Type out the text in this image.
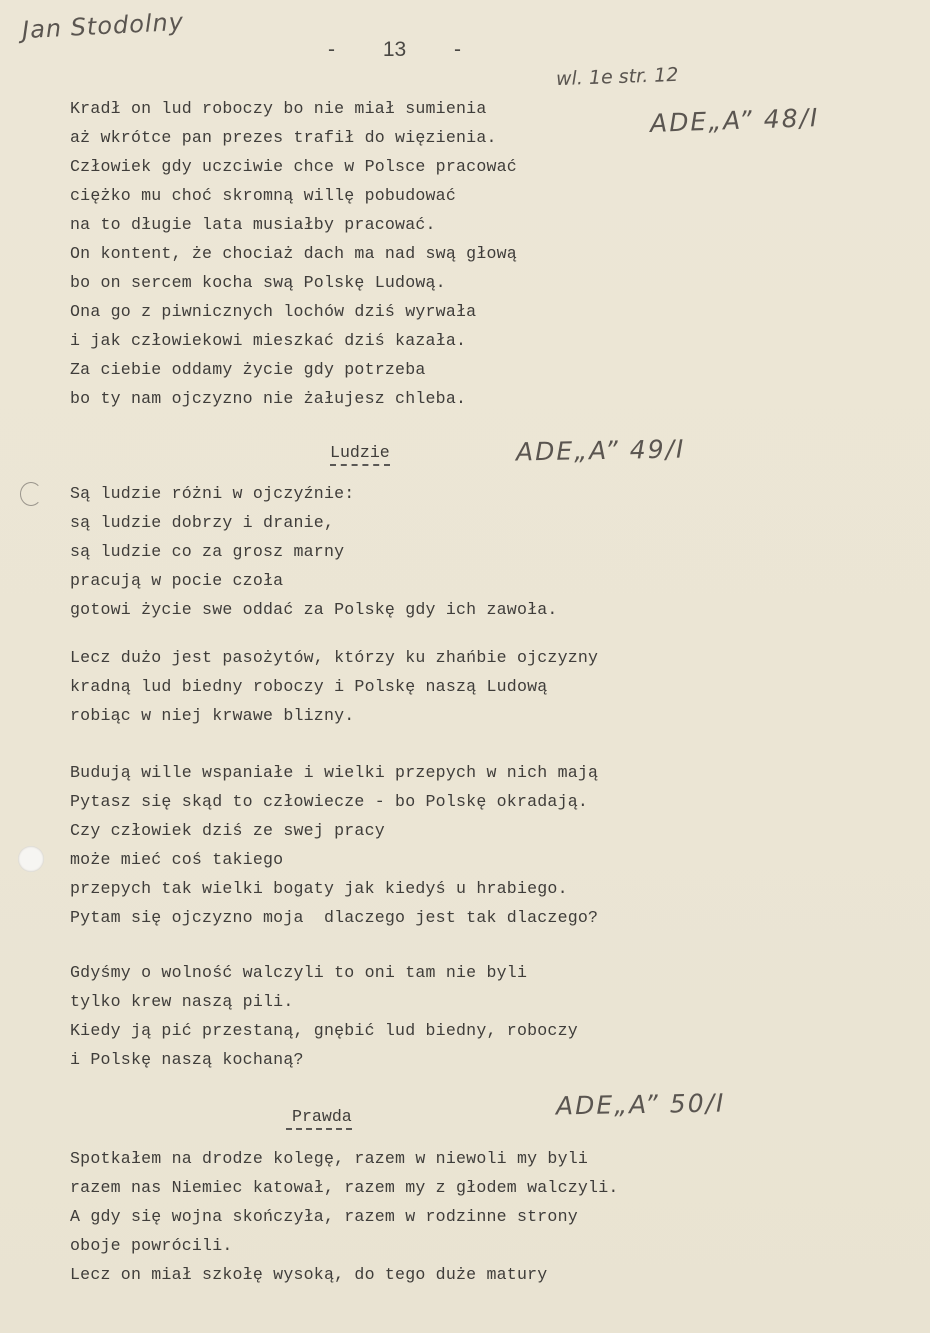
Jan Stodolny
- 13 -
wl. 1e str. 12
ADE„A” 48/I
ADE„A” 49/I
ADE„A” 50/I
Kradł on lud roboczy bo nie miał sumienia
aż wkrótce pan prezes trafił do więzienia.
Człowiek gdy uczciwie chce w Polsce pracować
ciężko mu choć skromną willę pobudować
na to długie lata musiałby pracować.
On kontent, że chociaż dach ma nad swą głową
bo on sercem kocha swą Polskę Ludową.
Ona go z piwnicznych lochów dziś wyrwała
i jak człowiekowi mieszkać dziś kazała.
Za ciebie oddamy życie gdy potrzeba
bo ty nam ojczyzno nie żałujesz chleba.
Ludzie
Są ludzie różni w ojczyźnie:
są ludzie dobrzy i dranie,
są ludzie co za grosz marny
pracują w pocie czoła
gotowi życie swe oddać za Polskę gdy ich zawoła.
Lecz dużo jest pasożytów, którzy ku zhańbie ojczyzny
kradną lud biedny roboczy i Polskę naszą Ludową
robiąc w niej krwawe blizny.
Budują wille wspaniałe i wielki przepych w nich mają
Pytasz się skąd to człowiecze - bo Polskę okradają.
Czy człowiek dziś ze swej pracy
może mieć coś takiego
przepych tak wielki bogaty jak kiedyś u hrabiego.
Pytam się ojczyzno moja  dlaczego jest tak dlaczego?
Gdyśmy o wolność walczyli to oni tam nie byli
tylko krew naszą pili.
Kiedy ją pić przestaną, gnębić lud biedny, roboczy
i Polskę naszą kochaną?
Prawda
Spotkałem na drodze kolegę, razem w niewoli my byli
razem nas Niemiec katował, razem my z głodem walczyli.
A gdy się wojna skończyła, razem w rodzinne strony
oboje powrócili.
Lecz on miał szkołę wysoką, do tego duże matury
